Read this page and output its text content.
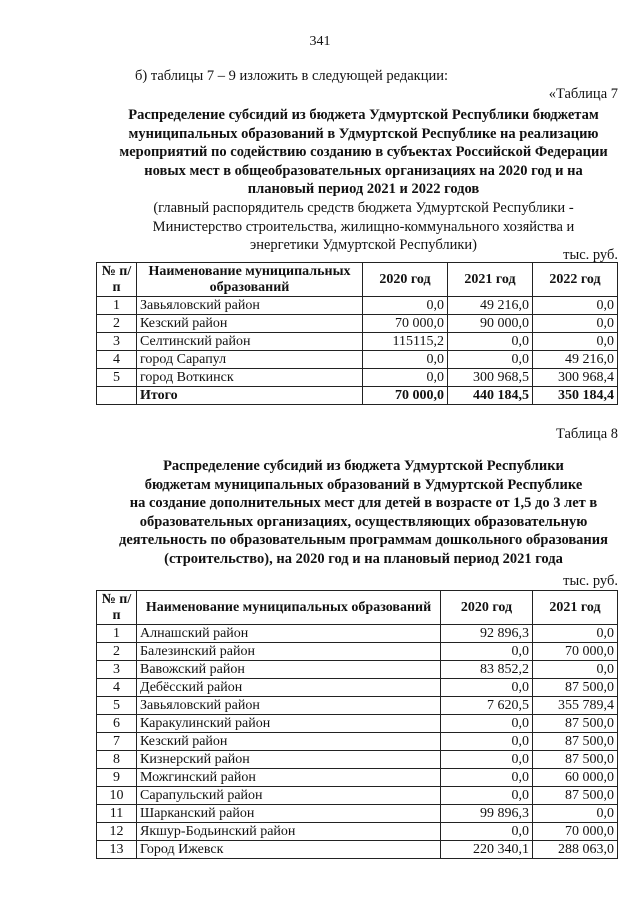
341
б) таблицы 7 – 9 изложить в следующей редакции:
«Таблица 7
Распределение субсидий из бюджета Удмуртской Республики бюджетам
муниципальных образований в Удмуртской Республике на реализацию
мероприятий по содействию созданию в субъектах Российской Федерации
новых мест в общеобразовательных организациях на 2020 год и на
плановый период 2021 и 2022 годов
(главный распорядитель средств бюджета Удмуртской Республики -
Министерство строительства, жилищно-коммунального хозяйства и
энергетики Удмуртской Республики)
тыс. руб.
№ п/п	Наименование муниципальных образований	2020 год	2021 год	2022 год
1	Завьяловский район	0,0	49 216,0	0,0
2	Кезский район	70 000,0	90 000,0	0,0
3	Селтинский район	115115,2	0,0	0,0
4	город Сарапул	0,0	0,0	49 216,0
5	город Воткинск	0,0	300 968,5	300 968,4
	Итого	70 000,0	440 184,5	350 184,4
Таблица 8
Распределение субсидий из бюджета Удмуртской Республики
бюджетам муниципальных образований в Удмуртской Республике
на создание дополнительных мест для детей в возрасте от 1,5 до 3 лет в
образовательных организациях, осуществляющих образовательную
деятельность по образовательным программам дошкольного образования
(строительство), на 2020 год и на плановый период 2021 года
тыс. руб.
№ п/п	Наименование муниципальных образований	2020 год	2021 год
1	Алнашский район	92 896,3	0,0
2	Балезинский район	0,0	70 000,0
3	Вавожский район	83 852,2	0,0
4	Дебёсский район	0,0	87 500,0
5	Завьяловский район	7 620,5	355 789,4
6	Каракулинский район	0,0	87 500,0
7	Кезский район	0,0	87 500,0
8	Кизнерский район	0,0	87 500,0
9	Можгинский район	0,0	60 000,0
10	Сарапульский район	0,0	87 500,0
11	Шарканский район	99 896,3	0,0
12	Якшур-Бодьинский район	0,0	70 000,0
13	Город Ижевск	220 340,1	288 063,0
